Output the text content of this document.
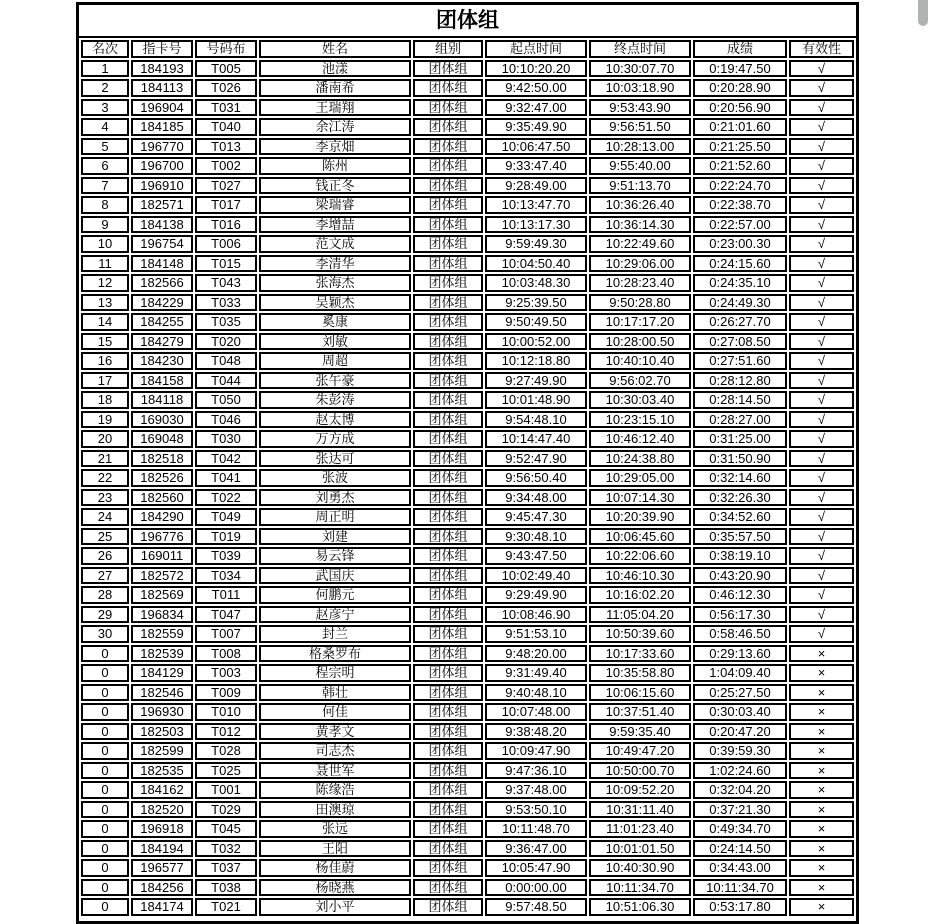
团体组
名次	指卡号	号码布	姓名	组别	起点时间	终点时间	成绩	有效性
1	184193	T005	池漾	团体组	10:10:20.20	10:30:07.70	0:19:47.50	√
2	184113	T026	潘南希	团体组	9:42:50.00	10:03:18.90	0:20:28.90	√
3	196904	T031	王瑞翔	团体组	9:32:47.00	9:53:43.90	0:20:56.90	√
4	184185	T040	余江涛	团体组	9:35:49.90	9:56:51.50	0:21:01.60	√
5	196770	T013	李京畑	团体组	10:06:47.50	10:28:13.00	0:21:25.50	√
6	196700	T002	陈州	团体组	9:33:47.40	9:55:40.00	0:21:52.60	√
7	196910	T027	钱正冬	团体组	9:28:49.00	9:51:13.70	0:22:24.70	√
8	182571	T017	梁瑞睿	团体组	10:13:47.70	10:36:26.40	0:22:38.70	√
9	184138	T016	李增喆	团体组	10:13:17.30	10:36:14.30	0:22:57.00	√
10	196754	T006	范文成	团体组	9:59:49.30	10:22:49.60	0:23:00.30	√
11	184148	T015	李清华	团体组	10:04:50.40	10:29:06.00	0:24:15.60	√
12	182566	T043	张海杰	团体组	10:03:48.30	10:28:23.40	0:24:35.10	√
13	184229	T033	吴颖杰	团体组	9:25:39.50	9:50:28.80	0:24:49.30	√
14	184255	T035	奚康	团体组	9:50:49.50	10:17:17.20	0:26:27.70	√
15	184279	T020	刘敏	团体组	10:00:52.00	10:28:00.50	0:27:08.50	√
16	184230	T048	周超	团体组	10:12:18.80	10:40:10.40	0:27:51.60	√
17	184158	T044	张午豪	团体组	9:27:49.90	9:56:02.70	0:28:12.80	√
18	184118	T050	朱彭涛	团体组	10:01:48.90	10:30:03.40	0:28:14.50	√
19	169030	T046	赵太博	团体组	9:54:48.10	10:23:15.10	0:28:27.00	√
20	169048	T030	万方成	团体组	10:14:47.40	10:46:12.40	0:31:25.00	√
21	182518	T042	张达可	团体组	9:52:47.90	10:24:38.80	0:31:50.90	√
22	182526	T041	张波	团体组	9:56:50.40	10:29:05.00	0:32:14.60	√
23	182560	T022	刘勇杰	团体组	9:34:48.00	10:07:14.30	0:32:26.30	√
24	184290	T049	周正明	团体组	9:45:47.30	10:20:39.90	0:34:52.60	√
25	196776	T019	刘建	团体组	9:30:48.10	10:06:45.60	0:35:57.50	√
26	169011	T039	易云锋	团体组	9:43:47.50	10:22:06.60	0:38:19.10	√
27	182572	T034	武国庆	团体组	10:02:49.40	10:46:10.30	0:43:20.90	√
28	182569	T011	何鹏元	团体组	9:29:49.90	10:16:02.20	0:46:12.30	√
29	196834	T047	赵彦宁	团体组	10:08:46.90	11:05:04.20	0:56:17.30	√
30	182559	T007	封兰	团体组	9:51:53.10	10:50:39.60	0:58:46.50	√
0	182539	T008	格桑罗布	团体组	9:48:20.00	10:17:33.60	0:29:13.60	×
0	184129	T003	程宗明	团体组	9:31:49.40	10:35:58.80	1:04:09.40	×
0	182546	T009	韩壮	团体组	9:40:48.10	10:06:15.60	0:25:27.50	×
0	196930	T010	何佳	团体组	10:07:48.00	10:37:51.40	0:30:03.40	×
0	182503	T012	黄孝文	团体组	9:38:48.20	9:59:35.40	0:20:47.20	×
0	182599	T028	司志杰	团体组	10:09:47.90	10:49:47.20	0:39:59.30	×
0	182535	T025	聂世军	团体组	9:47:36.10	10:50:00.70	1:02:24.60	×
0	184162	T001	陈缘浩	团体组	9:37:48.00	10:09:52.20	0:32:04.20	×
0	182520	T029	田澳琼	团体组	9:53:50.10	10:31:11.40	0:37:21.30	×
0	196918	T045	张远	团体组	10:11:48.70	11:01:23.40	0:49:34.70	×
0	184194	T032	王阳	团体组	9:36:47.00	10:01:01.50	0:24:14.50	×
0	196577	T037	杨佳蔚	团体组	10:05:47.90	10:40:30.90	0:34:43.00	×
0	184256	T038	杨晓燕	团体组	0:00:00.00	10:11:34.70	10:11:34.70	×
0	184174	T021	刘小平	团体组	9:57:48.50	10:51:06.30	0:53:17.80	×
